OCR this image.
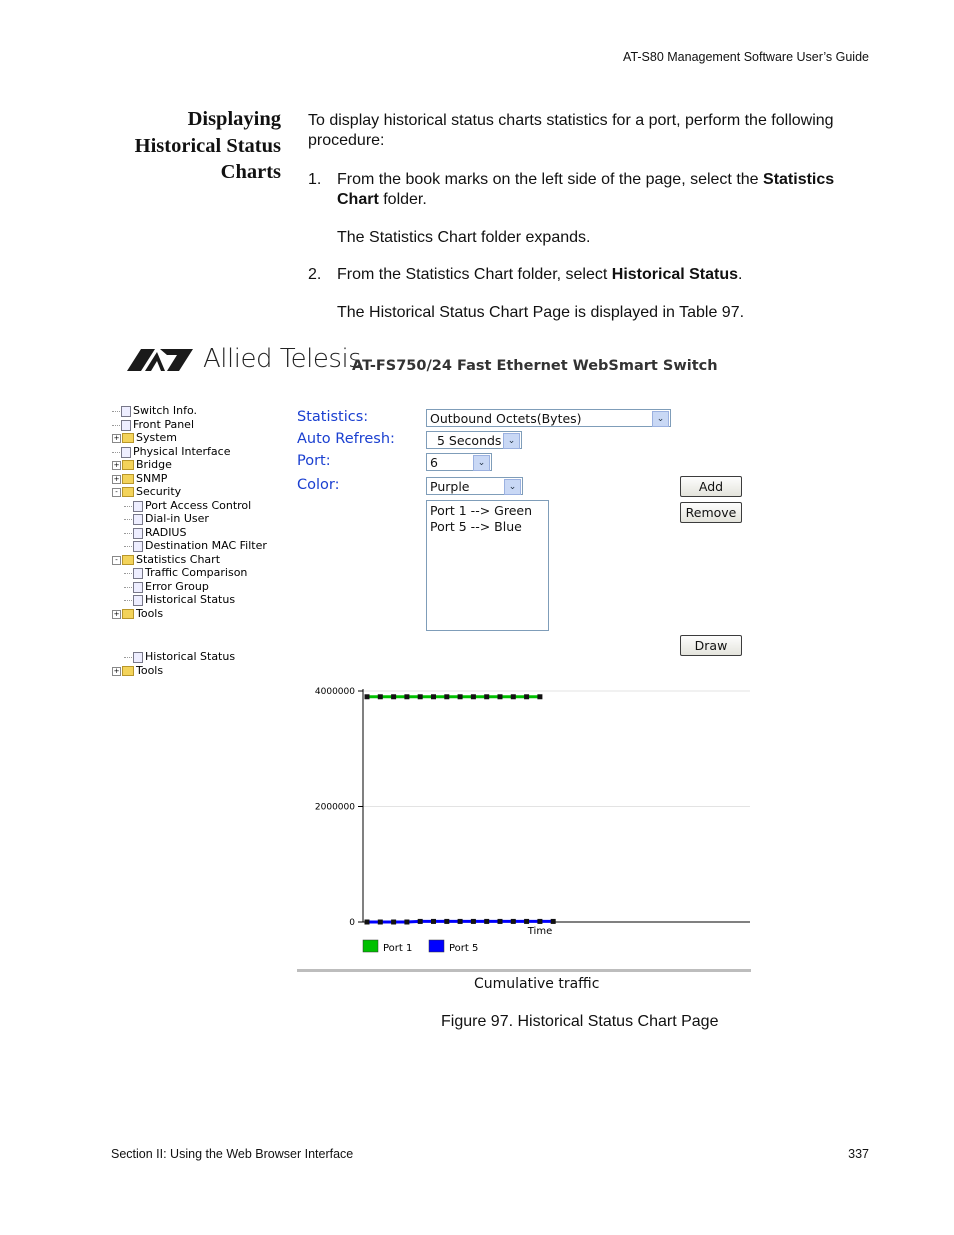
AT-S80 Management Software User’s Guide
Displaying
Historical Status
Charts
To display historical status charts statistics for a port, perform the following procedure:
1. From the book marks on the left side of the page, select the Statistics Chart folder.
The Statistics Chart folder expands.
2. From the Statistics Chart folder, select Historical Status.
The Historical Status Chart Page is displayed in Table 97.
Allied Telesis
AT-FS750/24 Fast Ethernet WebSmart Switch
Switch Info.
Front Panel
+ System
Physical Interface
+ Bridge
+ SNMP
- Security
Port Access Control
Dial-in User
RADIUS
Destination MAC Filter
- Statistics Chart
Traffic Comparison
Error Group
Historical Status
+ Tools
Historical Status
+ Tools
Statistics:	Outbound Octets(Bytes)	⌄
Auto Refresh:	5 Seconds ⌄
Port:	6	⌄
Color:	Purple	⌄	Add
Remove
Port 1 --> Green
Port 5 --> Blue
Draw
4000000
2000000
0
Time
Port 1	Port 5
Cumulative traffic
Figure 97. Historical Status Chart Page
Section II: Using the Web Browser Interface	337
